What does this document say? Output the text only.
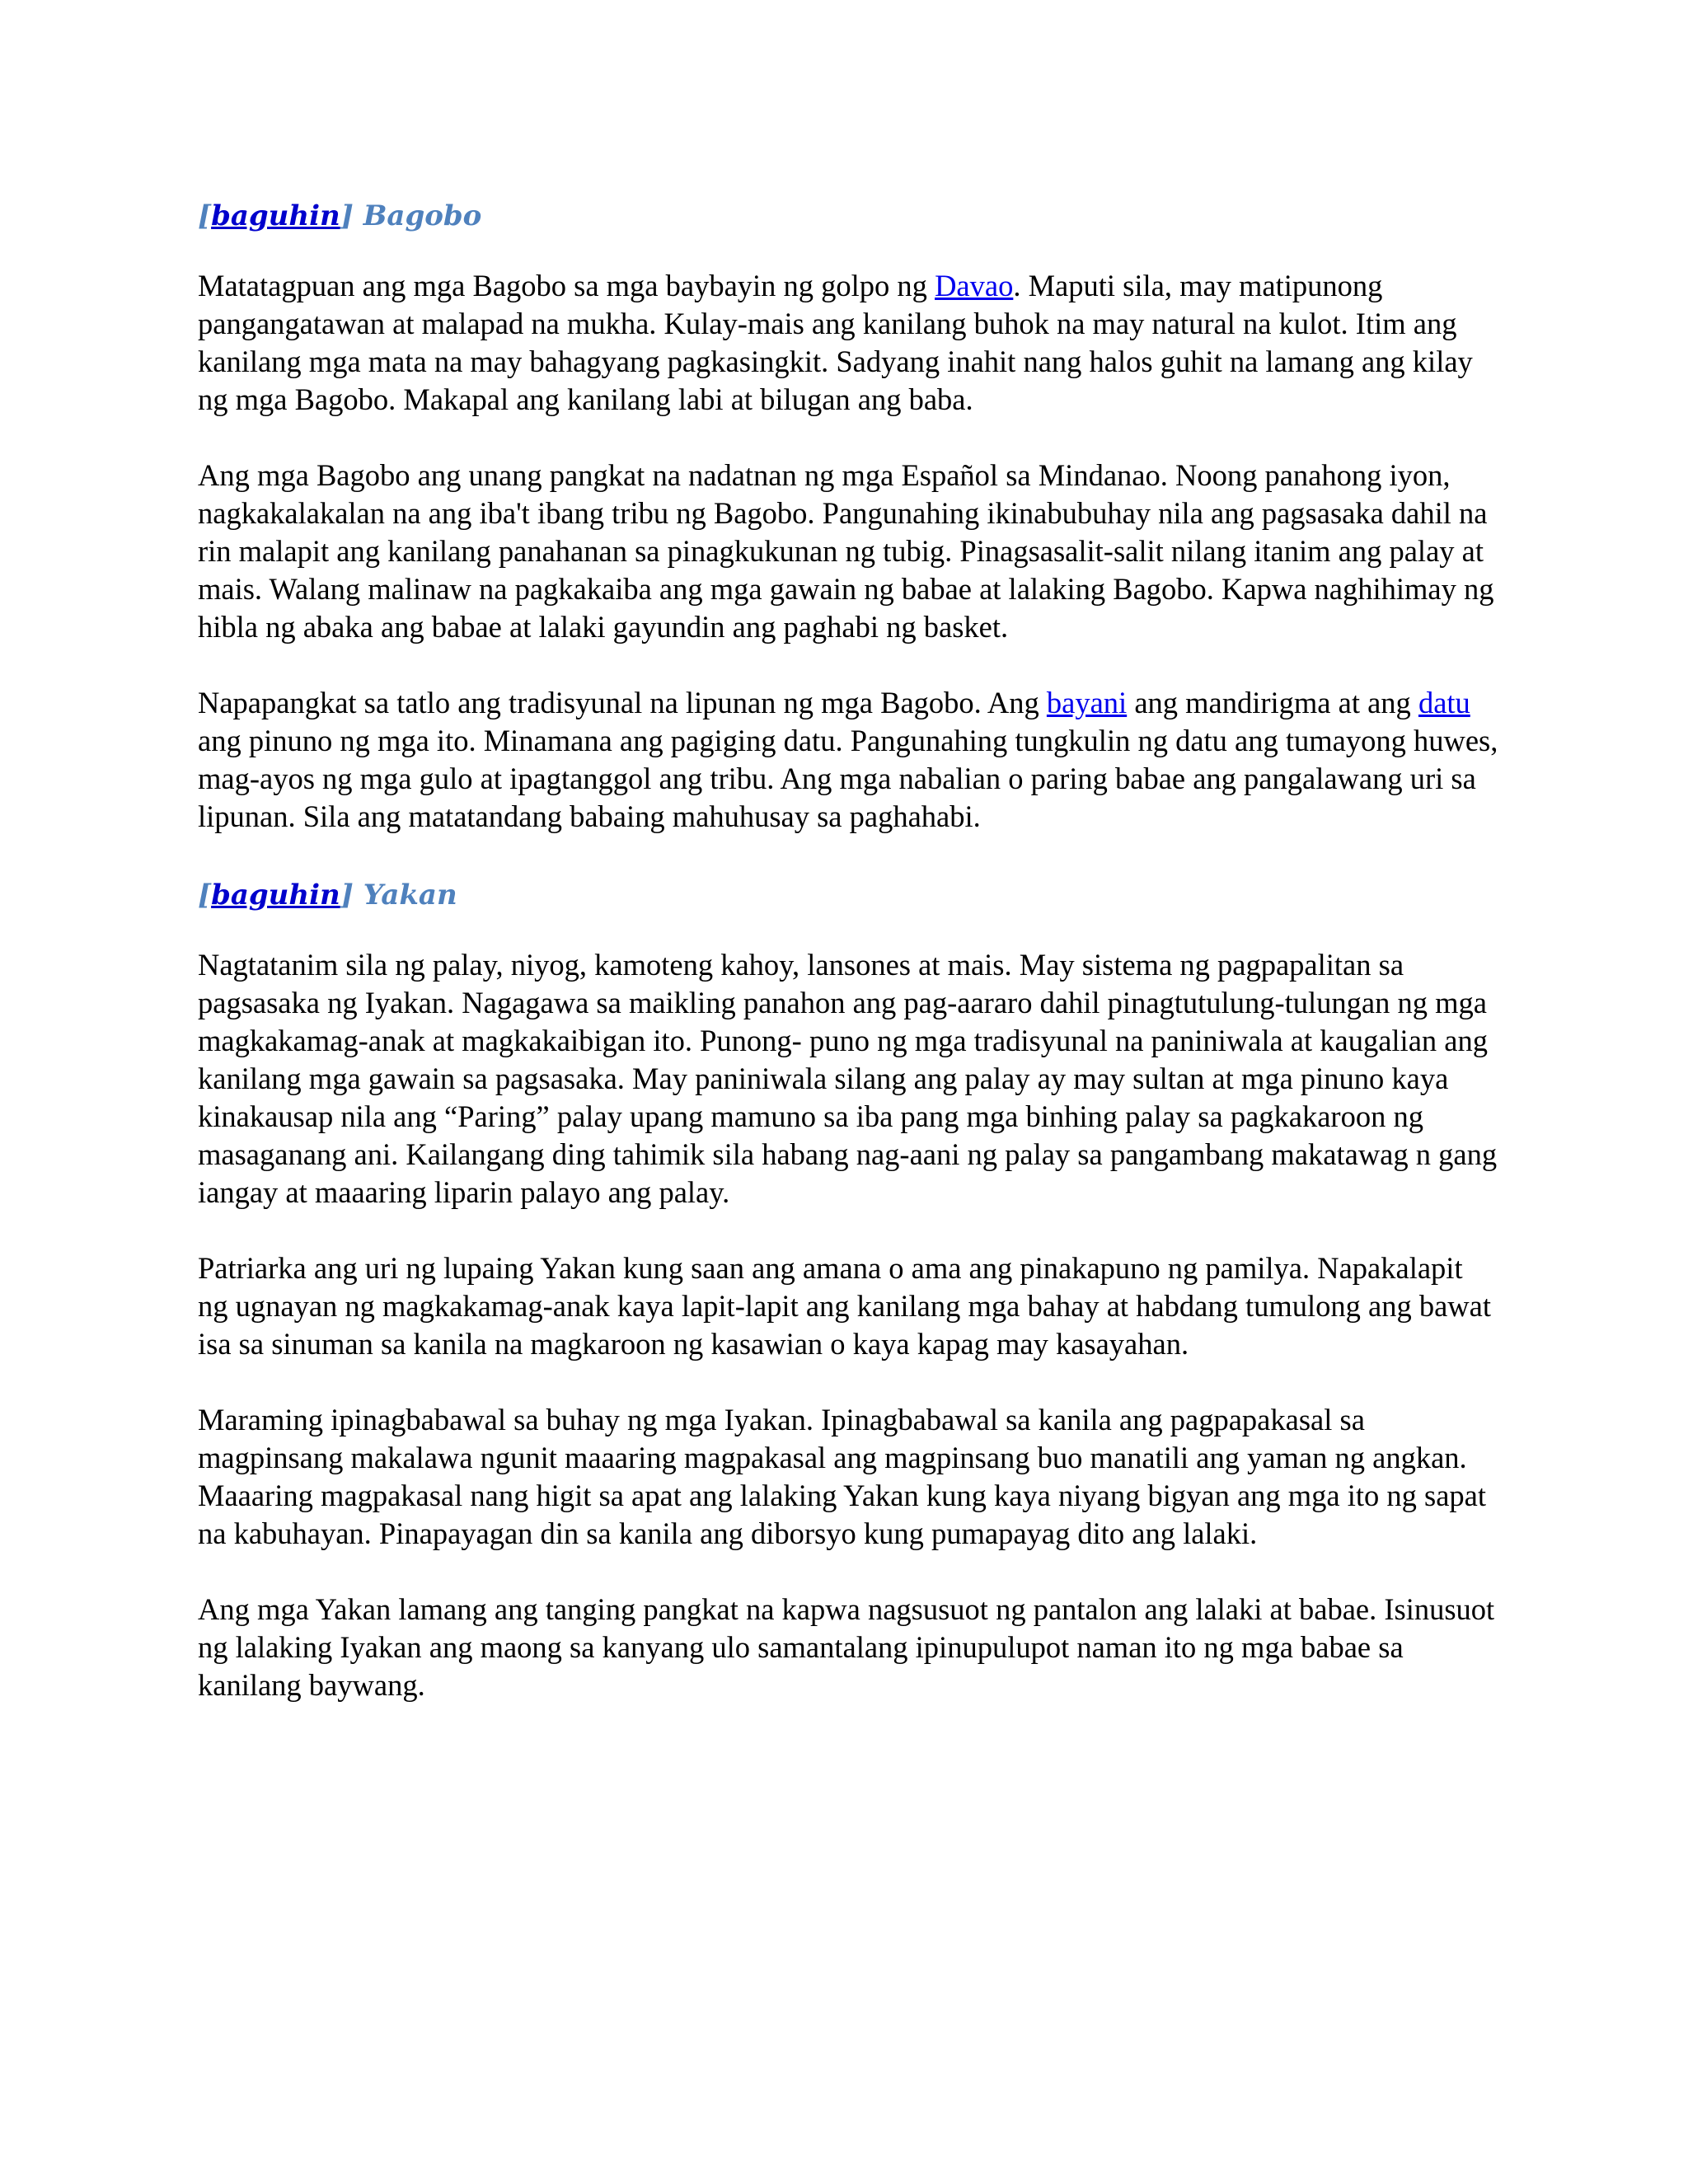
[baguhin] Bagobo

Matatagpuan ang mga Bagobo sa mga baybayin ng golpo ng Davao. Maputi sila, may matipunong pangangatawan at malapad na mukha. Kulay-mais ang kanilang buhok na may natural na kulot. Itim ang kanilang mga mata na may bahagyang pagkasingkit. Sadyang inahit nang halos guhit na lamang ang kilay ng mga Bagobo. Makapal ang kanilang labi at bilugan ang baba.

Ang mga Bagobo ang unang pangkat na nadatnan ng mga Español sa Mindanao. Noong panahong iyon, nagkakalakalan na ang iba't ibang tribu ng Bagobo. Pangunahing ikinabubuhay nila ang pagsasaka dahil na rin malapit ang kanilang panahanan sa pinagkukunan ng tubig. Pinagsasalit-salit nilang itanim ang palay at mais. Walang malinaw na pagkakaiba ang mga gawain ng babae at lalaking Bagobo. Kapwa naghihimay ng hibla ng abaka ang babae at lalaki gayundin ang paghabi ng basket.

Napapangkat sa tatlo ang tradisyunal na lipunan ng mga Bagobo. Ang bayani ang mandirigma at ang datu ang pinuno ng mga ito. Minamana ang pagiging datu. Pangunahing tungkulin ng datu ang tumayong huwes, mag-ayos ng mga gulo at ipagtanggol ang tribu. Ang mga nabalian o paring babae ang pangalawang uri sa lipunan. Sila ang matatandang babaing mahuhusay sa paghahabi.

[baguhin] Yakan

Nagtatanim sila ng palay, niyog, kamoteng kahoy, lansones at mais. May sistema ng pagpapalitan sa pagsasaka ng Iyakan. Nagagawa sa maikling panahon ang pag-aararo dahil pinagtutulung-tulungan ng mga magkakamag-anak at magkakaibigan ito. Punong- puno ng mga tradisyunal na paniniwala at kaugalian ang kanilang mga gawain sa pagsasaka. May paniniwala silang ang palay ay may sultan at mga pinuno kaya kinakausap nila ang “Paring” palay upang mamuno sa iba pang mga binhing palay sa pagkakaroon ng masaganang ani. Kailangang ding tahimik sila habang nag-aani ng palay sa pangambang makatawag n gang iangay at maaaring liparin palayo ang palay.

Patriarka ang uri ng lupaing Yakan kung saan ang amana o ama ang pinakapuno ng pamilya. Napakalapit ng ugnayan ng magkakamag-anak kaya lapit-lapit ang kanilang mga bahay at habdang tumulong ang bawat isa sa sinuman sa kanila na magkaroon ng kasawian o kaya kapag may kasayahan.

Maraming ipinagbabawal sa buhay ng mga Iyakan. Ipinagbabawal sa kanila ang pagpapakasal sa magpinsang makalawa ngunit maaaring magpakasal ang magpinsang buo manatili ang yaman ng angkan. Maaaring magpakasal nang higit sa apat ang lalaking Yakan kung kaya niyang bigyan ang mga ito ng sapat na kabuhayan. Pinapayagan din sa kanila ang diborsyo kung pumapayag dito ang lalaki.

Ang mga Yakan lamang ang tanging pangkat na kapwa nagsusuot ng pantalon ang lalaki at babae. Isinusuot ng lalaking Iyakan ang maong sa kanyang ulo samantalang ipinupulupot naman ito ng mga babae sa kanilang baywang.
